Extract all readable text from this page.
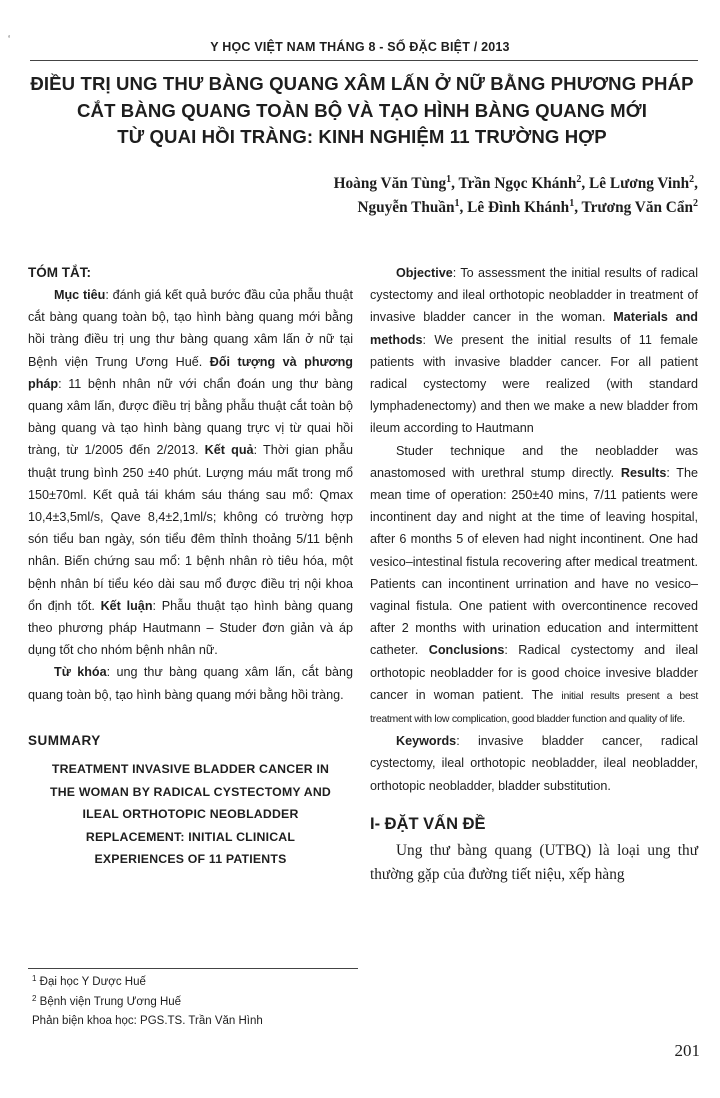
‘
Y HỌC VIỆT NAM THÁNG 8 - SỐ ĐẶC BIỆT / 2013
ĐIỀU TRỊ UNG THƯ BÀNG QUANG XÂM LẤN Ở NỮ BẰNG PHƯƠNG PHÁP
CẮT BÀNG QUANG TOÀN BỘ VÀ TẠO HÌNH BÀNG QUANG MỚI
TỪ QUAI HỒI TRÀNG: KINH NGHIỆM 11 TRƯỜNG HỢP
Hoàng Văn Tùng$^1$, Trần Ngọc Khánh$^2$, Lê Lương Vinh$^2$,
Nguyễn Thuần$^1$, Lê Đình Khánh$^1$, Trương Văn Cẩn$^2$
TÓM TẮT:
Mục tiêu: đánh giá kết quả bước đầu của phẫu thuật cắt bàng quang toàn bộ, tạo hình bàng quang mới bằng hồi tràng điều trị ung thư bàng quang xâm lấn ở nữ tại Bệnh viện Trung Ương Huế. Đối tượng và phương pháp: 11 bệnh nhân nữ với chẩn đoán ung thư bàng quang xâm lấn, được điều trị bằng phẫu thuật cắt toàn bộ bàng quang và tạo hình bàng quang trực vị từ quai hồi tràng, từ 1/2005 đến 2/2013. Kết quả: Thời gian phẫu thuật trung bình 250 ±40 phút. Lượng máu mất trong mổ 150±70ml. Kết quả tái khám sáu tháng sau mổ: Qmax 10,4±3,5ml/s, Qave 8,4±2,1ml/s; không có trường hợp són tiểu ban ngày, són tiểu đêm thỉnh thoảng 5/11 bệnh nhân. Biến chứng sau mổ: 1 bệnh nhân rò tiêu hóa, một bệnh nhân bí tiểu kéo dài sau mổ được điều trị nội khoa ổn định tốt. Kết luận: Phẫu thuật tạo hình bàng quang theo phương pháp Hautmann – Studer đơn giản và áp dụng tốt cho nhóm bệnh nhân nữ.
Từ khóa: ung thư bàng quang xâm lấn, cắt bàng quang toàn bộ, tạo hình bàng quang mới bằng hồi tràng.
SUMMARY
TREATMENT INVASIVE BLADDER CANCER IN
THE WOMAN BY RADICAL CYSTECTOMY AND
ILEAL ORTHOTOPIC NEOBLADDER
REPLACEMENT: INITIAL CLINICAL
EXPERIENCES OF 11 PATIENTS
Objective: To assessment the initial results of radical cystectomy and ileal orthotopic neobladder in treatment of invasive bladder cancer in the woman. Materials and methods: We present the initial results of 11 female patients with invasive bladder cancer. For all patient radical cystectomy were realized (with standard lymphadenectomy) and then we make a new bladder from ileum according to Hautmann
Studer technique and the neobladder was anastomosed with urethral stump directly. Results: The mean time of operation: 250±40 mins, 7/11 patients were incontinent day and night at the time of leaving hospital, after 6 months 5 of eleven had night incontinent. One had vesico–intestinal fistula recovering after medical treatment. Patients can incontinent urrination and have no vesico–vaginal fistula. One patient with overcontinence recoved after 2 months with urination education and intermittent catheter. Conclusions: Radical cystectomy and ileal orthotopic neobladder for is good choice invesive bladder cancer in woman patient. The initial results present a best treatment with low complication, good bladder function and quality of life.
Keywords: invasive bladder cancer, radical cystectomy, ileal orthotopic neobladder, ileal neobladder, orthotopic neobladder, bladder substitution.
I- ĐẶT VẤN ĐỀ
Ung thư bàng quang (UTBQ) là loại ung thư thường gặp của đường tiết niệu, xếp hàng
$^1$ Đại học Y Dược Huế
$^2$ Bệnh viện Trung Ương Huế
Phản biện khoa học: PGS.TS. Trần Văn Hình
201
